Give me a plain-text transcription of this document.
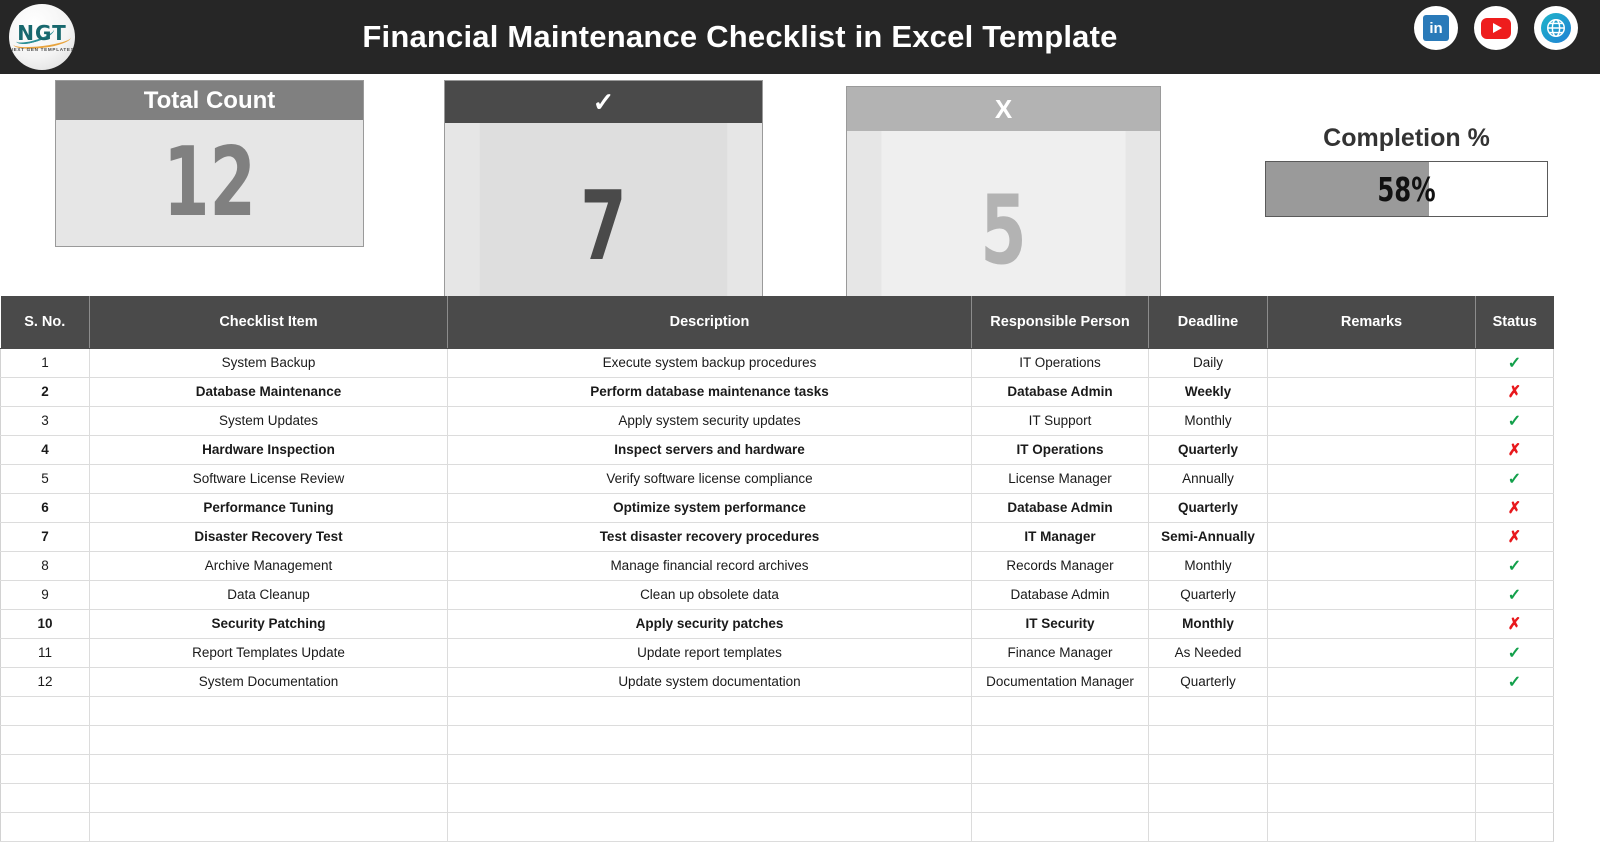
NGT
NEXT GEN TEMPLATES	Financial Maintenance Checklist in Excel Template	in
Total Count
12
✓
7
X
5
Completion %
58%
S. No.	Checklist Item	Description	Responsible Person	Deadline	Remarks	Status
1	System Backup	Execute system backup procedures	IT Operations	Daily		✓
2	Database Maintenance	Perform database maintenance tasks	Database Admin	Weekly		✗
3	System Updates	Apply system security updates	IT Support	Monthly		✓
4	Hardware Inspection	Inspect servers and hardware	IT Operations	Quarterly		✗
5	Software License Review	Verify software license compliance	License Manager	Annually		✓
6	Performance Tuning	Optimize system performance	Database Admin	Quarterly		✗
7	Disaster Recovery Test	Test disaster recovery procedures	IT Manager	Semi-Annually		✗
8	Archive Management	Manage financial record archives	Records Manager	Monthly		✓
9	Data Cleanup	Clean up obsolete data	Database Admin	Quarterly		✓
10	Security Patching	Apply security patches	IT Security	Monthly		✗
11	Report Templates Update	Update report templates	Finance Manager	As Needed		✓
12	System Documentation	Update system documentation	Documentation Manager	Quarterly		✓
